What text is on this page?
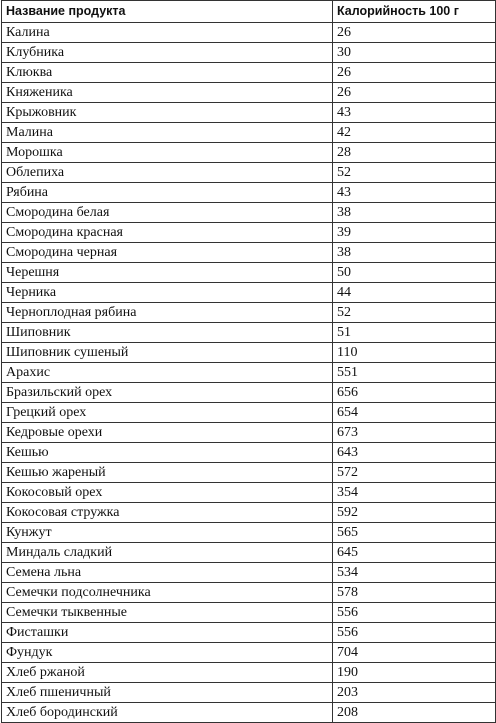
Название продукта	Калорийность 100 г
Калина	26
Клубника	30
Клюква	26
Княженика	26
Крыжовник	43
Малина	42
Морошка	28
Облепиха	52
Рябина	43
Смородина белая	38
Смородина красная	39
Смородина черная	38
Черешня	50
Черника	44
Черноплодная рябина	52
Шиповник	51
Шиповник сушеный	110
Арахис	551
Бразильский орех	656
Грецкий орех	654
Кедровые орехи	673
Кешью	643
Кешью жареный	572
Кокосовый орех	354
Кокосовая стружка	592
Кунжут	565
Миндаль сладкий	645
Семена льна	534
Семечки подсолнечника	578
Семечки тыквенные	556
Фисташки	556
Фундук	704
Хлеб ржаной	190
Хлеб пшеничный	203
Хлеб бородинский	208
